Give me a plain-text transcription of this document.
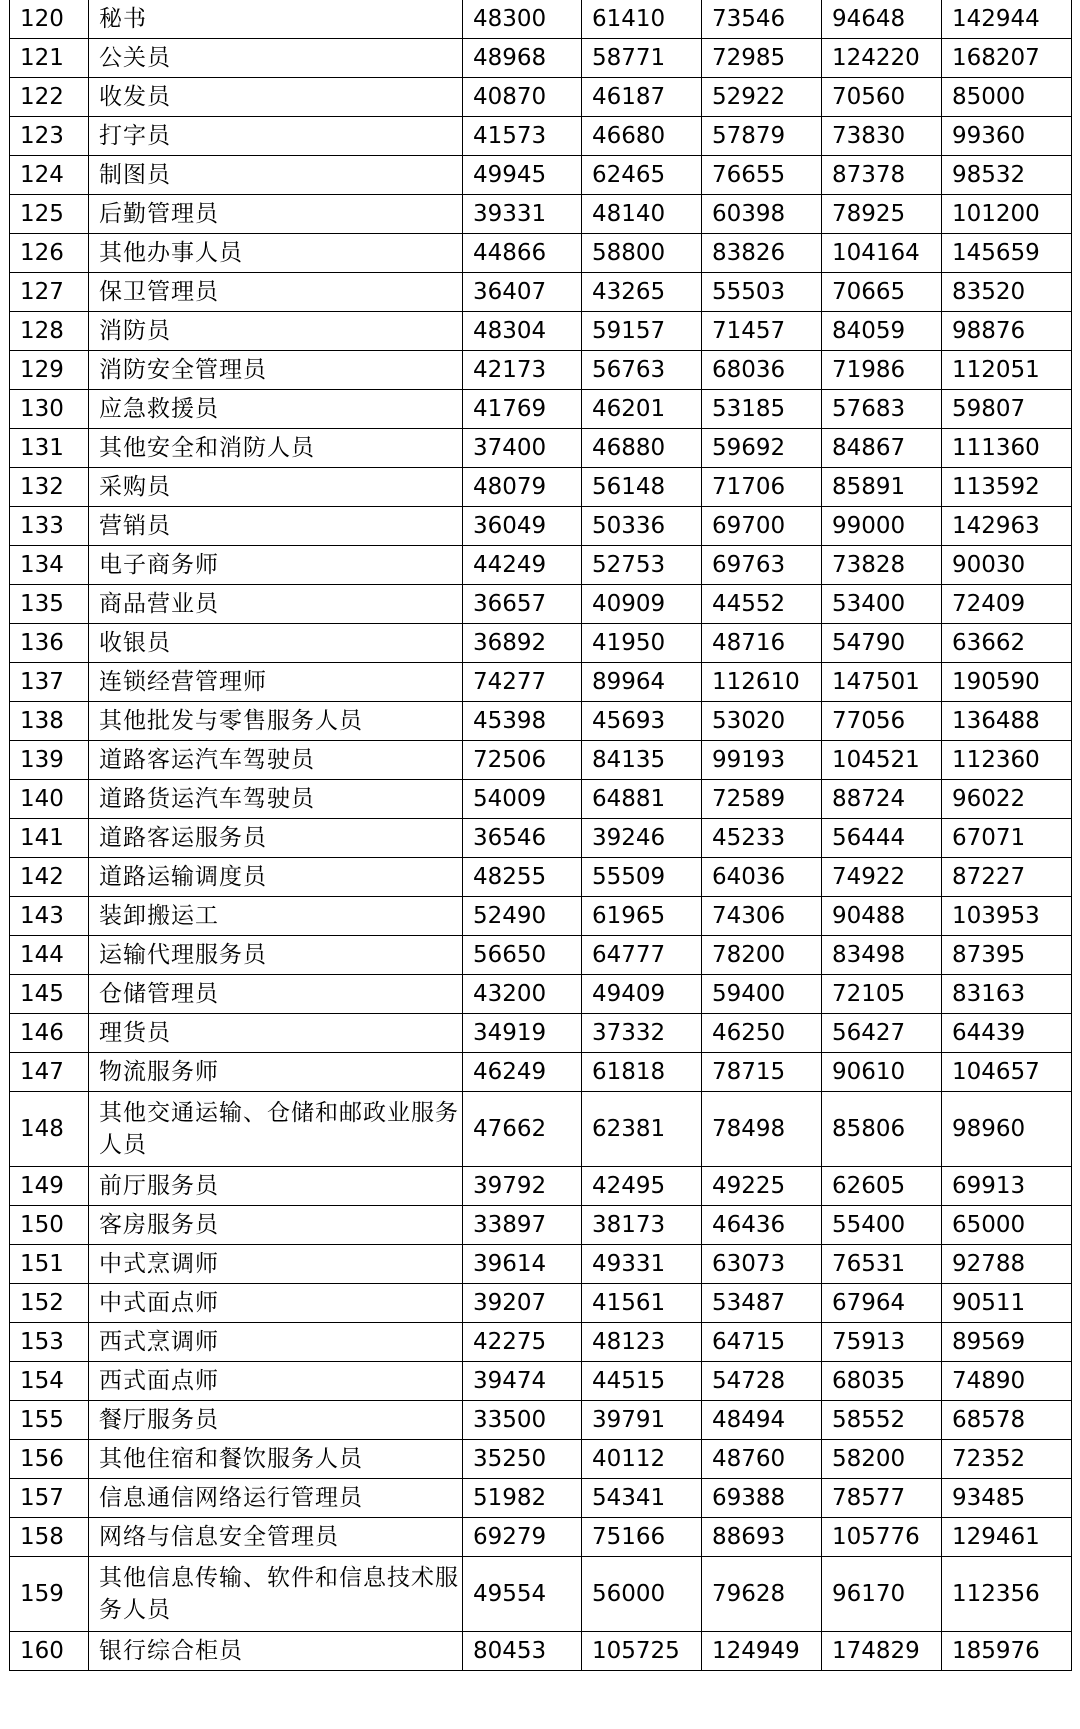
120	秘书	48300	61410	73546	94648	142944
121	公关员	48968	58771	72985	124220	168207
122	收发员	40870	46187	52922	70560	85000
123	打字员	41573	46680	57879	73830	99360
124	制图员	49945	62465	76655	87378	98532
125	后勤管理员	39331	48140	60398	78925	101200
126	其他办事人员	44866	58800	83826	104164	145659
127	保卫管理员	36407	43265	55503	70665	83520
128	消防员	48304	59157	71457	84059	98876
129	消防安全管理员	42173	56763	68036	71986	112051
130	应急救援员	41769	46201	53185	57683	59807
131	其他安全和消防人员	37400	46880	59692	84867	111360
132	采购员	48079	56148	71706	85891	113592
133	营销员	36049	50336	69700	99000	142963
134	电子商务师	44249	52753	69763	73828	90030
135	商品营业员	36657	40909	44552	53400	72409
136	收银员	36892	41950	48716	54790	63662
137	连锁经营管理师	74277	89964	112610	147501	190590
138	其他批发与零售服务人员	45398	45693	53020	77056	136488
139	道路客运汽车驾驶员	72506	84135	99193	104521	112360
140	道路货运汽车驾驶员	54009	64881	72589	88724	96022
141	道路客运服务员	36546	39246	45233	56444	67071
142	道路运输调度员	48255	55509	64036	74922	87227
143	装卸搬运工	52490	61965	74306	90488	103953
144	运输代理服务员	56650	64777	78200	83498	87395
145	仓储管理员	43200	49409	59400	72105	83163
146	理货员	34919	37332	46250	56427	64439
147	物流服务师	46249	61818	78715	90610	104657
148	其他交通运输、仓储和邮政业服务人员	47662	62381	78498	85806	98960
149	前厅服务员	39792	42495	49225	62605	69913
150	客房服务员	33897	38173	46436	55400	65000
151	中式烹调师	39614	49331	63073	76531	92788
152	中式面点师	39207	41561	53487	67964	90511
153	西式烹调师	42275	48123	64715	75913	89569
154	西式面点师	39474	44515	54728	68035	74890
155	餐厅服务员	33500	39791	48494	58552	68578
156	其他住宿和餐饮服务人员	35250	40112	48760	58200	72352
157	信息通信网络运行管理员	51982	54341	69388	78577	93485
158	网络与信息安全管理员	69279	75166	88693	105776	129461
159	其他信息传输、软件和信息技术服务人员	49554	56000	79628	96170	112356
160	银行综合柜员	80453	105725	124949	174829	185976
